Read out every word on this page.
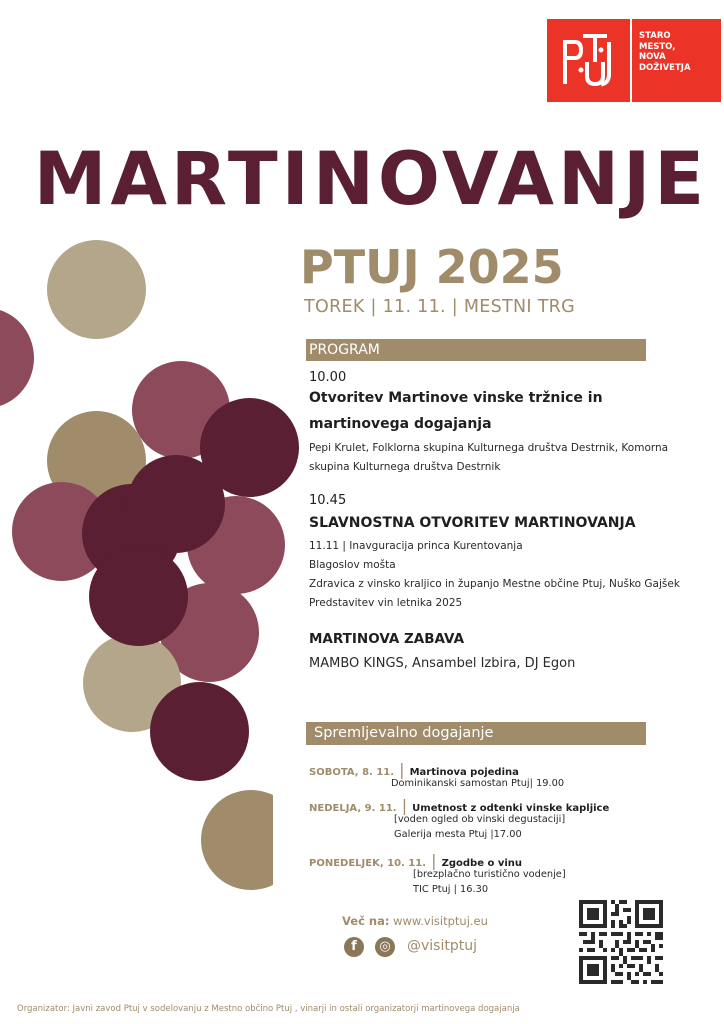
STARO
MESTO,
NOVA
DOŽIVETJA
MARTINOVANJE
PTUJ 2025

TOREK | 11. 11. | MESTNI TRG

PROGRAM

10.00

Otvoritev Martinove vinske tržnice in

martinovega dogajanja

Pepi Krulet, Folklorna skupina Kulturnega društva Destrnik, Komorna

skupina Kulturnega društva Destrnik

10.45

SLAVNOSTNA OTVORITEV MARTINOVANJA

11.11 | Inavguracija princa Kurentovanja

Blagoslov mošta

Zdravica z vinsko kraljico in županjo Mestne občine Ptuj, Nuško Gajšek

Predstavitev vin letnika 2025

MARTINOVA ZABAVA

MAMBO KINGS, Ansambel Izbira, DJ Egon

Spremljevalno dogajanje

SOBOTA, 8. 11. | Martinova pojedina

Dominikanski samostan Ptuj| 19.00

NEDELJA, 9. 11. | Umetnost z odtenki vinske kapljice

[voden ogled ob vinski degustaciji]

Galerija mesta Ptuj |17.00

PONEDELJEK, 10. 11. | Zgodbe o vinu

[brezplačno turistično vodenje]

TIC Ptuj | 16.30

Več na: www.visitptuj.eu

f	◎	@visitptuj

Organizator: Javni zavod Ptuj v sodelovanju z Mestno občino Ptuj , vinarji in ostali organizatorji martinovega dogajanja
